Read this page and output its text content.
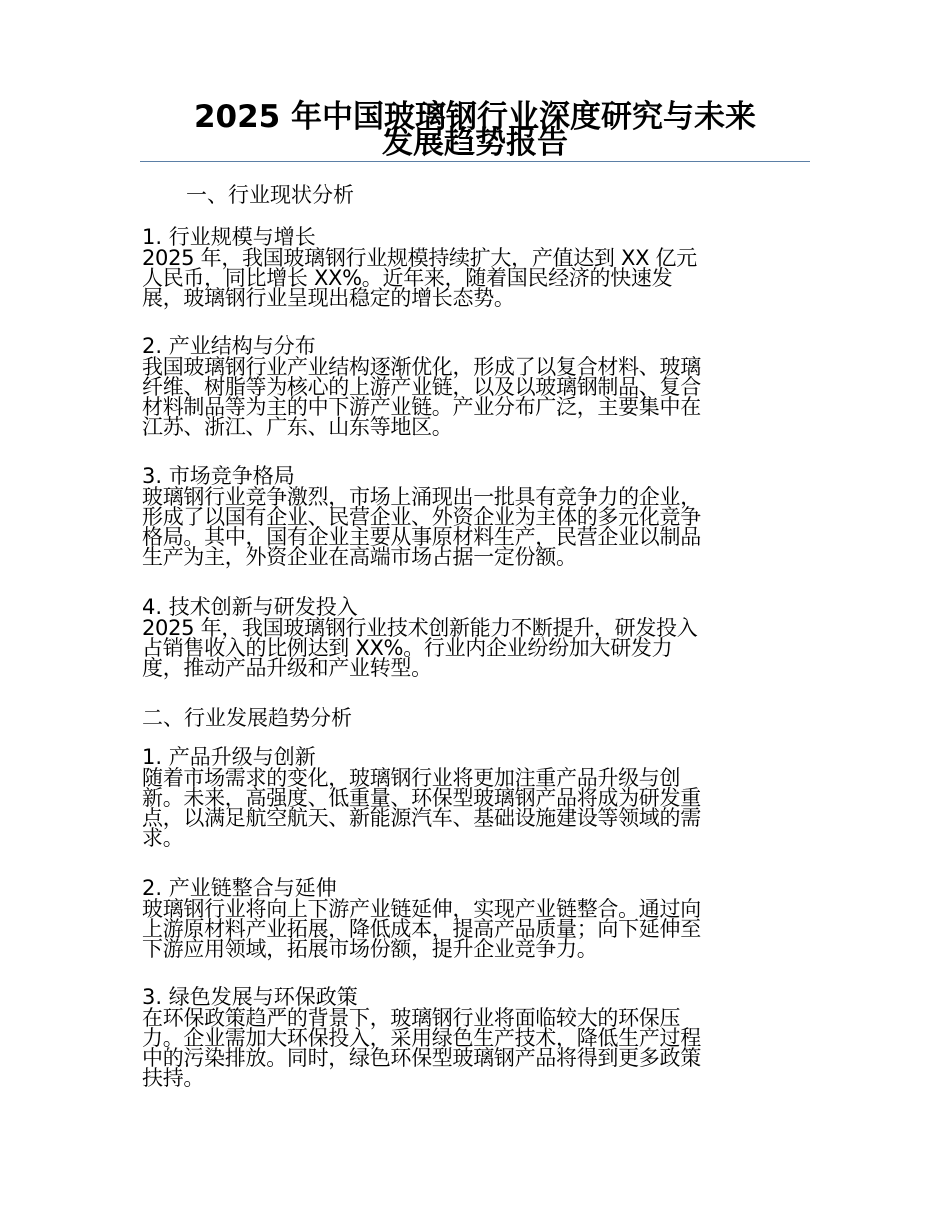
2025 年中国玻璃钢行业深度研究与未来
发展趋势报告
一、行业现状分析
1. 行业规模与增长

2025 年，我国玻璃钢行业规模持续扩大，产值达到 XX 亿元
人民币，同比增长 XX%。近年来，随着国民经济的快速发
展，玻璃钢行业呈现出稳定的增长态势。

2. 产业结构与分布

我国玻璃钢行业产业结构逐渐优化，形成了以复合材料、玻璃
纤维、树脂等为核心的上游产业链，以及以玻璃钢制品、复合
材料制品等为主的中下游产业链。产业分布广泛，主要集中在
江苏、浙江、广东、山东等地区。

3. 市场竞争格局

玻璃钢行业竞争激烈，市场上涌现出一批具有竞争力的企业，
形成了以国有企业、民营企业、外资企业为主体的多元化竞争
格局。其中，国有企业主要从事原材料生产，民营企业以制品
生产为主，外资企业在高端市场占据一定份额。

4. 技术创新与研发投入

2025 年，我国玻璃钢行业技术创新能力不断提升，研发投入
占销售收入的比例达到 XX%。行业内企业纷纷加大研发力
度，推动产品升级和产业转型。

二、行业发展趋势分析
1. 产品升级与创新

随着市场需求的变化，玻璃钢行业将更加注重产品升级与创
新。未来，高强度、低重量、环保型玻璃钢产品将成为研发重
点，以满足航空航天、新能源汽车、基础设施建设等领域的需
求。

2. 产业链整合与延伸

玻璃钢行业将向上下游产业链延伸，实现产业链整合。通过向
上游原材料产业拓展，降低成本，提高产品质量；向下延伸至
下游应用领域，拓展市场份额，提升企业竞争力。

3. 绿色发展与环保政策

在环保政策趋严的背景下，玻璃钢行业将面临较大的环保压
力。企业需加大环保投入，采用绿色生产技术，降低生产过程
中的污染排放。同时，绿色环保型玻璃钢产品将得到更多政策
扶持。
